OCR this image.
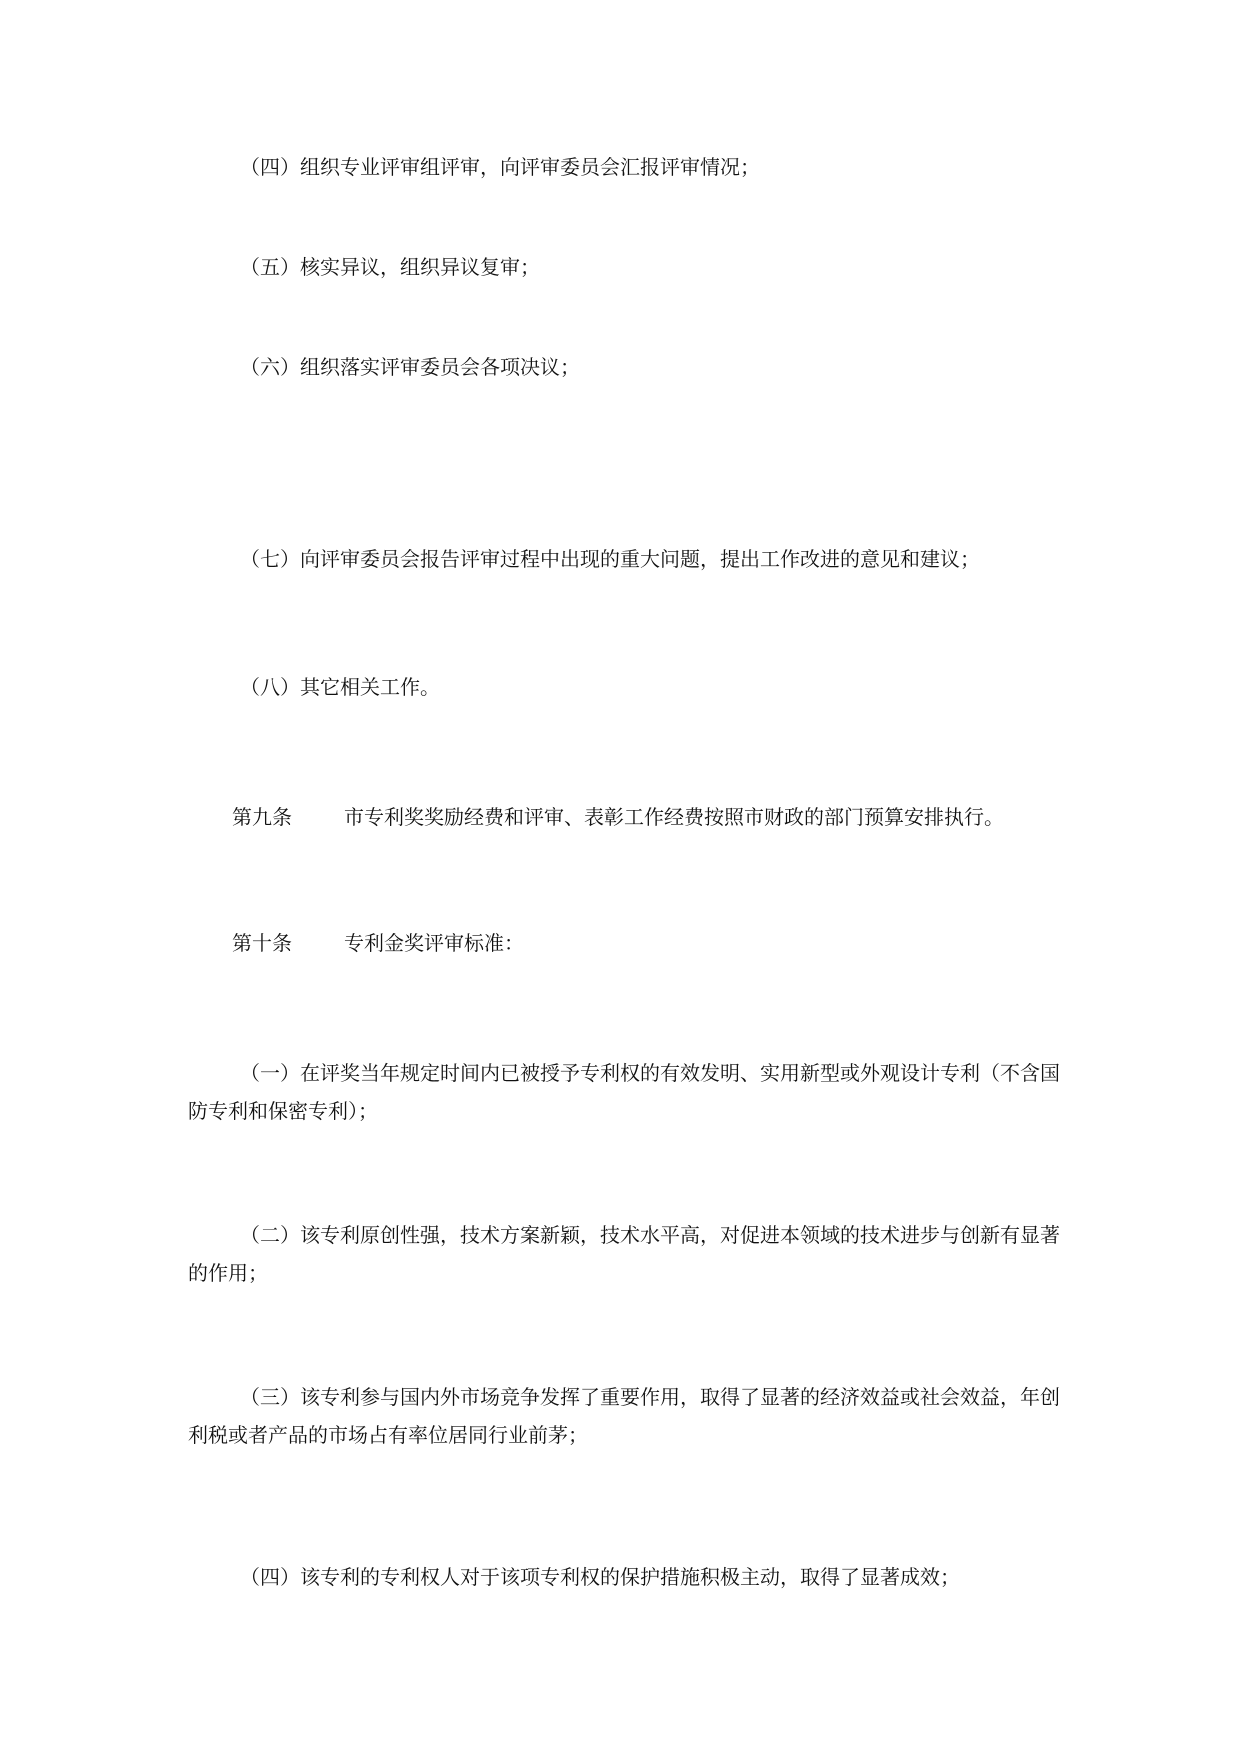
（四）组织专业评审组评审，向评审委员会汇报评审情况；

（五）核实异议，组织异议复审；

（六）组织落实评审委员会各项决议；

（七）向评审委员会报告评审过程中出现的重大问题，提出工作改进的意见和建议；

（八）其它相关工作。

第九条	市专利奖奖励经费和评审、表彰工作经费按照市财政的部门预算安排执行。

第十条	专利金奖评审标准：

（一）在评奖当年规定时间内已被授予专利权的有效发明、实用新型或外观设计专利（不含国防专利和保密专利）；

（二）该专利原创性强，技术方案新颖，技术水平高，对促进本领域的技术进步与创新有显著的作用；

（三）该专利参与国内外市场竞争发挥了重要作用，取得了显著的经济效益或社会效益，年创利税或者产品的市场占有率位居同行业前茅；

（四）该专利的专利权人对于该项专利权的保护措施积极主动，取得了显著成效；
